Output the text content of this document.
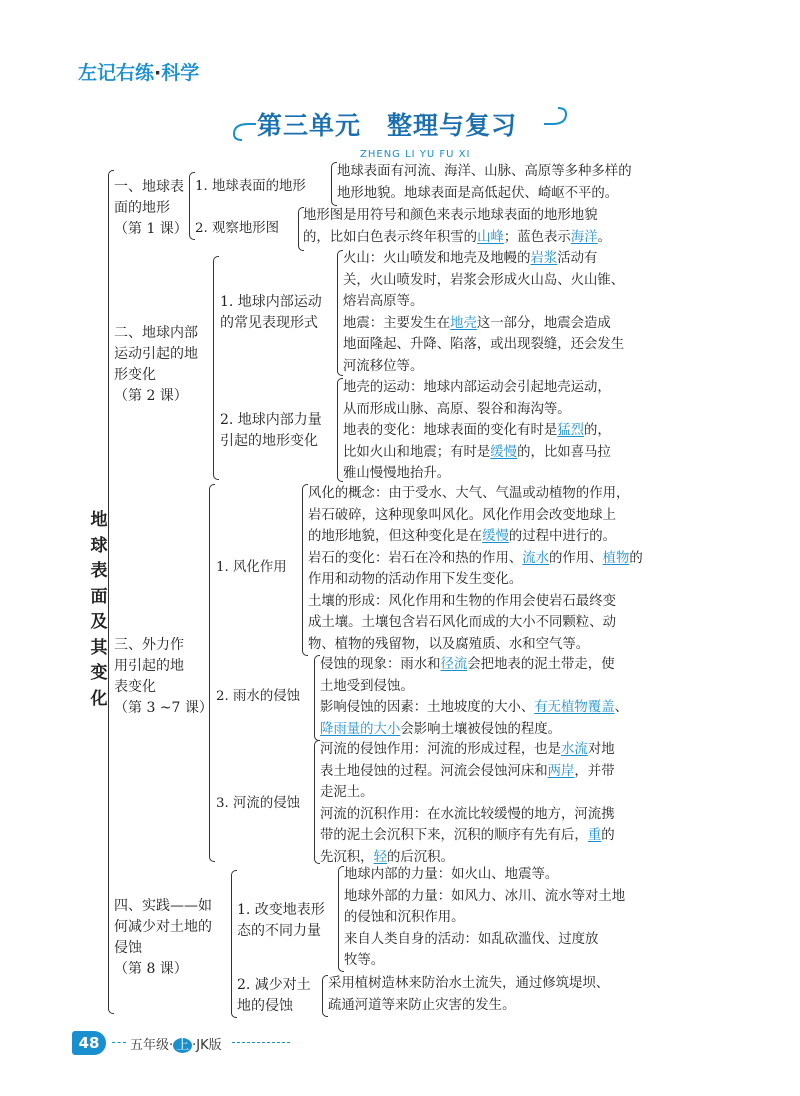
左记右练·科学
第三单元　整理与复习
ZHENG LI YU FU XI
地
球
表
面
及
其
变
化
一、地球表
面的地形
（第 1 课）
1. 地球表面的地形
地球表面有河流、海洋、山脉、高原等多种多样的
地形地貌。地球表面是高低起伏、崎岖不平的。
2. 观察地形图
地形图是用符号和颜色来表示地球表面的地形地貌
的，比如白色表示终年积雪的山峰；蓝色表示海洋。
二、地球内部
运动引起的地
形变化
（第 2 课）
1. 地球内部运动
的常见表现形式
火山：火山喷发和地壳及地幔的岩浆活动有
关，火山喷发时，岩浆会形成火山岛、火山锥、
熔岩高原等。
地震：主要发生在地壳这一部分，地震会造成
地面隆起、升降、陷落，或出现裂缝，还会发生
河流移位等。
2. 地球内部力量
引起的地形变化
地壳的运动：地球内部运动会引起地壳运动，
从而形成山脉、高原、裂谷和海沟等。
地表的变化：地球表面的变化有时是猛烈的，
比如火山和地震；有时是缓慢的，比如喜马拉
雅山慢慢地抬升。
三、外力作
用引起的地
表变化
（第 3 ~7 课）
1. 风化作用
风化的概念：由于受水、大气、气温或动植物的作用，
岩石破碎，这种现象叫风化。风化作用会改变地球上
的地形地貌，但这种变化是在缓慢的过程中进行的。
岩石的变化：岩石在冷和热的作用、流水的作用、植物的
作用和动物的活动作用下发生变化。
土壤的形成：风化作用和生物的作用会使岩石最终变
成土壤。土壤包含岩石风化而成的大小不同颗粒、动
物、植物的残留物，以及腐殖质、水和空气等。
2. 雨水的侵蚀
侵蚀的现象：雨水和径流会把地表的泥土带走，使
土地受到侵蚀。
影响侵蚀的因素：土地坡度的大小、有无植物覆盖、
降雨量的大小会影响土壤被侵蚀的程度。
3. 河流的侵蚀
河流的侵蚀作用：河流的形成过程，也是水流对地
表土地侵蚀的过程。河流会侵蚀河床和两岸，并带
走泥土。
河流的沉积作用：在水流比较缓慢的地方，河流携
带的泥土会沉积下来，沉积的顺序有先有后，重的
先沉积，轻的后沉积。
四、实践——如
何减少对土地的
侵蚀
（第 8 课）
1. 改变地表形
态的不同力量
地球内部的力量：如火山、地震等。
地球外部的力量：如风力、冰川、流水等对土地
的侵蚀和沉积作用。
来自人类自身的活动：如乱砍滥伐、过度放
牧等。
2. 减少对土
地的侵蚀
采用植树造林来防治水土流失，通过修筑堤坝、
疏通河道等来防止灾害的发生。
48	五年级· 上 ·JK版
